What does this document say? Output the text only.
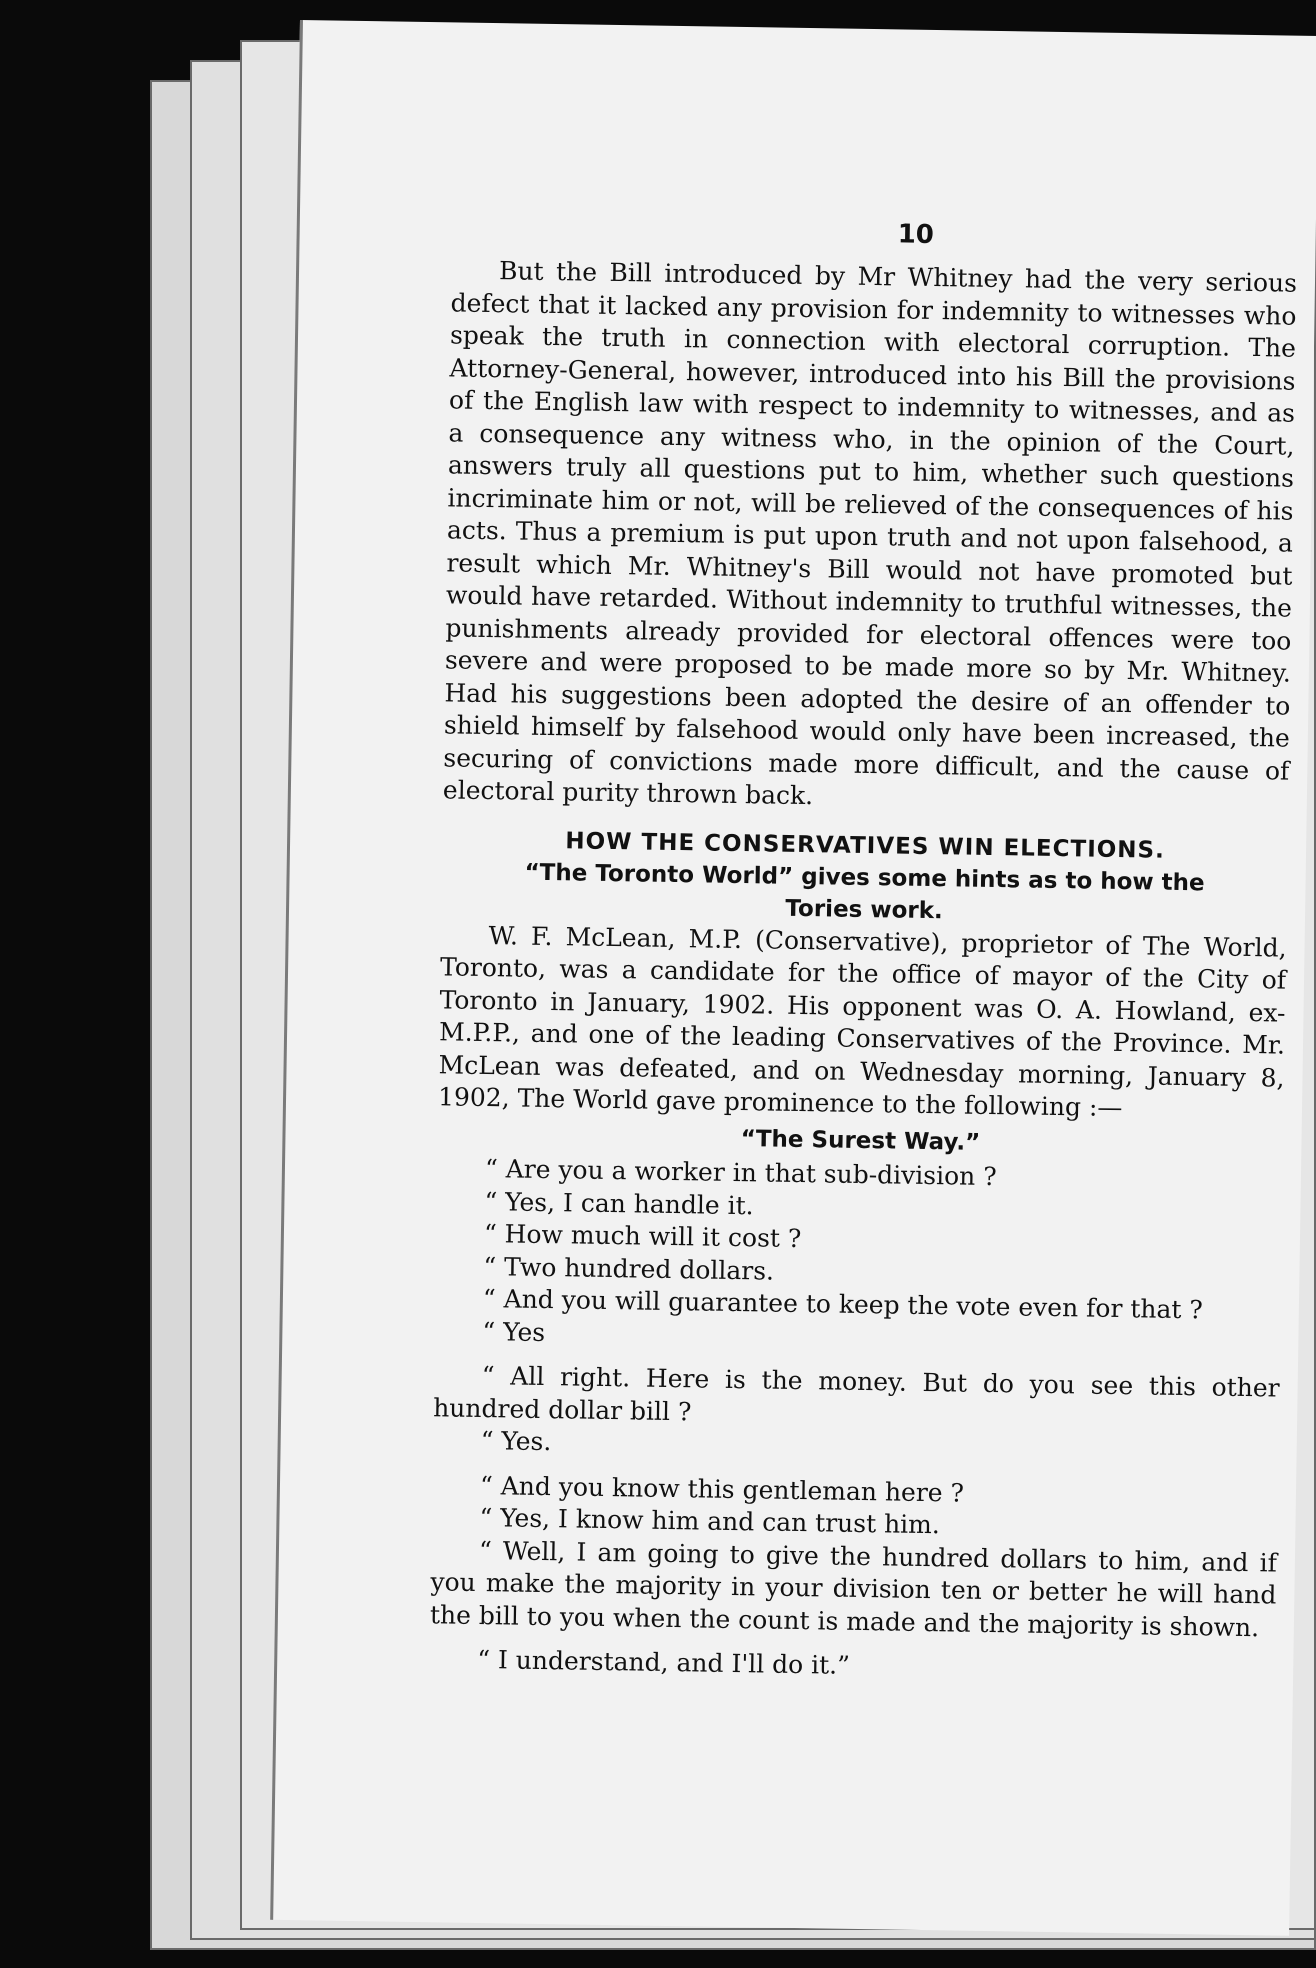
10

But the Bill introduced by Mr Whitney had the very serious defect that it lacked any provision for indemnity to witnesses who speak the truth in connection with electoral corruption. The Attorney-General, however, introduced into his Bill the provisions of the English law with respect to indemnity to witnesses, and as a consequence any witness who, in the opinion of the Court, answers truly all questions put to him, whether such questions incriminate him or not, will be relieved of the consequences of his acts. Thus a premium is put upon truth and not upon falsehood, a result which Mr. Whitney's Bill would not have promoted but would have retarded. Without indemnity to truthful witnesses, the punishments already provided for electoral offences were too severe and were proposed to be made more so by Mr. Whitney. Had his suggestions been adopted the desire of an offender to shield himself by falsehood would only have been increased, the securing of convictions made more difficult, and the cause of electoral purity thrown back.

HOW THE CONSERVATIVES WIN ELECTIONS.
“The Toronto World” gives some hints as to how the
Tories work.

W. F. McLean, M.P. (Conservative), proprietor of The World, Toronto, was a candidate for the office of mayor of the City of Toronto in January, 1902. His opponent was O. A. Howland, ex-M.P.P., and one of the leading Conservatives of the Province. Mr. McLean was defeated, and on Wednesday morning, January 8, 1902, The World gave prominence to the following :—

“The Surest Way.”

“ Are you a worker in that sub-division ?

“ Yes, I can handle it.

“ How much will it cost ?

“ Two hundred dollars.

“ And you will guarantee to keep the vote even for that ?

“ Yes

“ All right. Here is the money. But do you see this other hundred dollar bill ?

“ Yes.

“ And you know this gentleman here ?

“ Yes, I know him and can trust him.

“ Well, I am going to give the hundred dollars to him, and if you make the majority in your division ten or better he will hand the bill to you when the count is made and the majority is shown.

“ I understand, and I'll do it.”
